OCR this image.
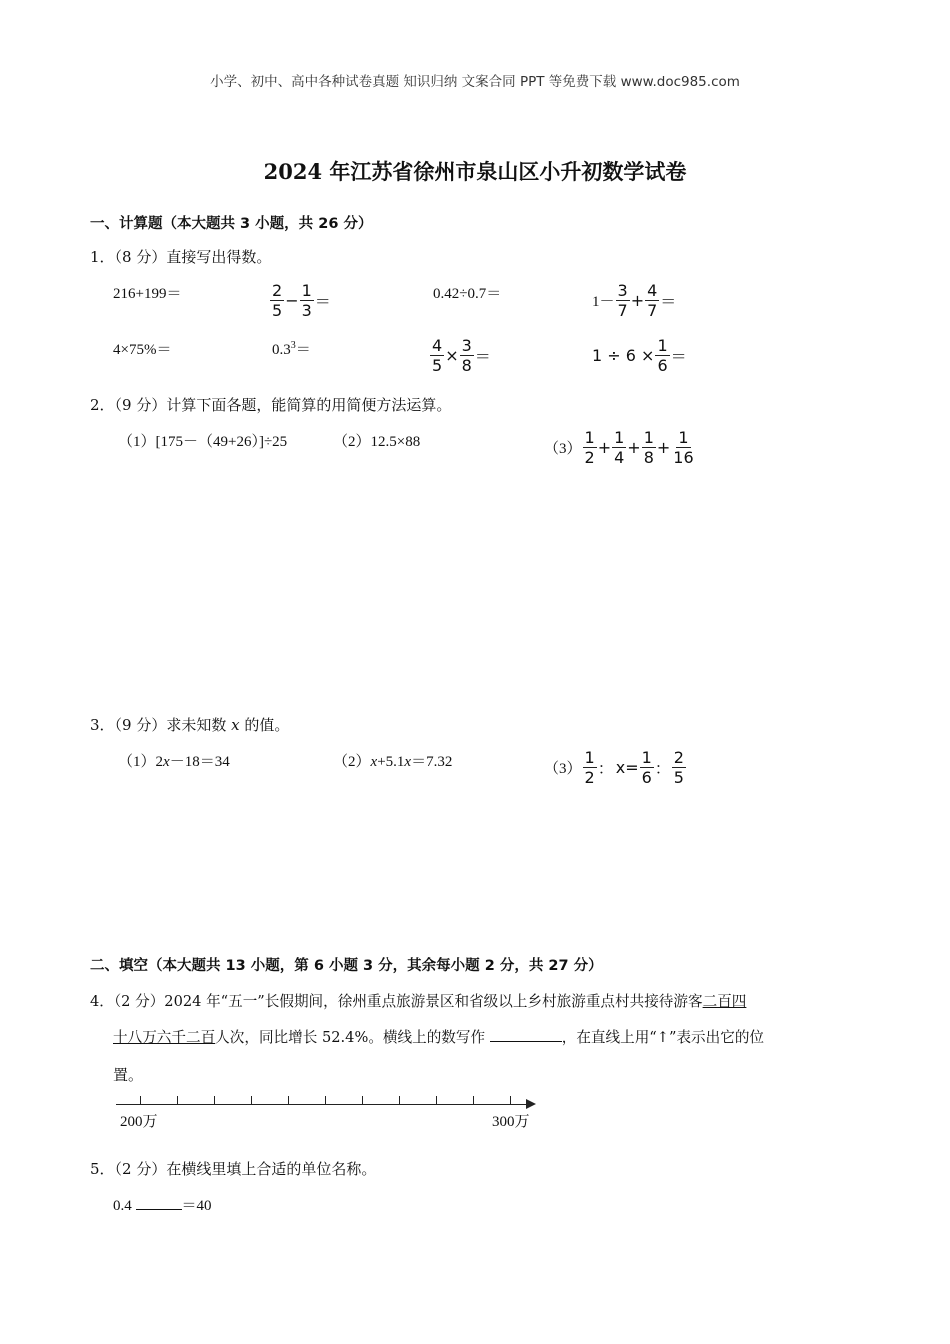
小学、初中、高中各种试卷真题 知识归纳 文案合同 PPT 等免费下载 www.doc985.com
2024 年江苏省徐州市泉山区小升初数学试卷
一、计算题（本大题共 3 小题，共 26 分）
1．（8 分）直接写出得数。
216+199＝	$\frac{2}{5} - \frac{1}{3}$ ＝	0.42÷0.7＝	$1- \frac{3}{7} + \frac{4}{7}$ ＝
4×75%＝	$0.3^3=$	$\frac{4}{5} \times \frac{3}{8}$ ＝	$1 \div 6 \times \frac{1}{6}$ ＝
2．（9 分）计算下面各题，能简算的用简便方法运算。
（1）[175－（49+26）]÷25	（2）12.5×88	$(3) \frac{1}{2} + \frac{1}{4} + \frac{1}{8} + \frac{1}{16}$
3．（9 分）求未知数 x 的值。
（1）2x－18＝34	（2）x+5.1x＝7.32	$(3) \frac{1}{2}$ ： $x= \frac{1}{6}$ ： $\frac{2}{5}$
二、填空（本大题共 13 小题，第 6 小题 3 分，其余每小题 2 分，共 27 分）
4．（2 分）2024 年“五一”长假期间，徐州重点旅游景区和省级以上乡村旅游重点村共接待游客二百四
十八万六千二百人次，同比增长 52.4%。横线上的数写作	，在直线上用“↑”表示出它的位
置。
200万	300万
5．（2 分）在横线里填上合适的单位名称。
0.4	＝40
